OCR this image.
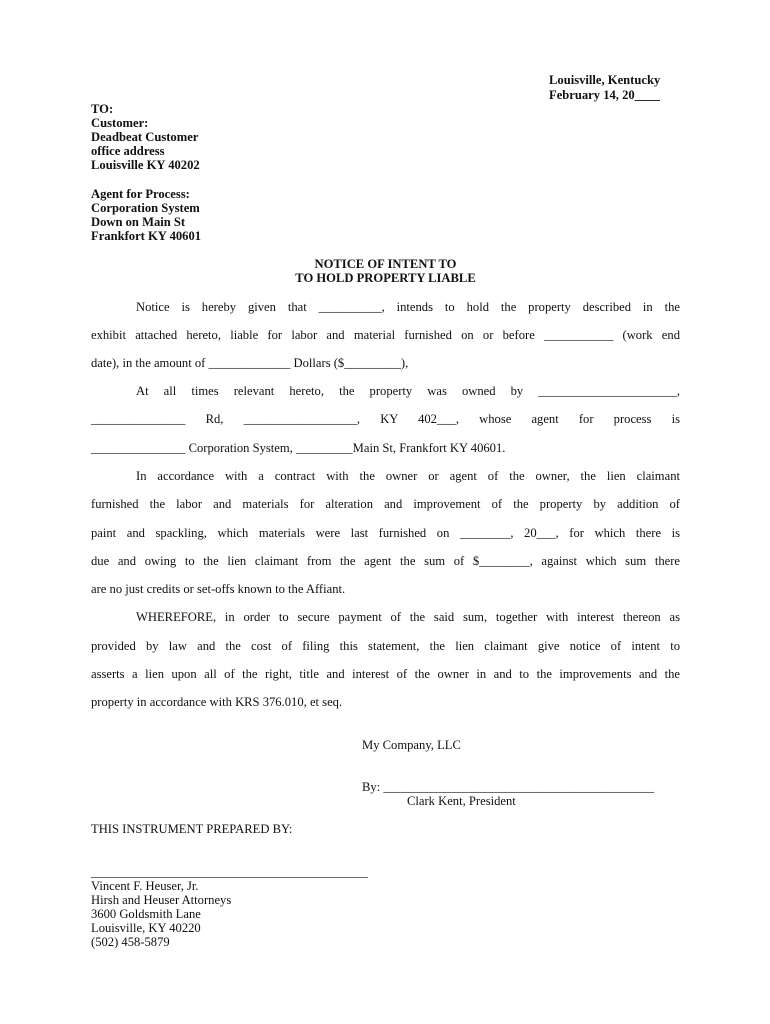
Louisville, Kentucky
February 14, 20____
TO:
Customer:
Deadbeat Customer
office address
Louisville KY 40202
Agent for Process:
Corporation System
Down on Main St
Frankfort KY 40601
NOTICE OF INTENT TO
TO HOLD PROPERTY LIABLE
Notice is hereby given that __________, intends to hold the property described in the
exhibit attached hereto, liable for labor and material furnished on or before ___________ (work end
date), in the amount of _____________ Dollars ($_________),
At all times relevant hereto, the property was owned by ______________________,
_______________ Rd, __________________, KY 402___, whose agent for process is
_______________ Corporation System, _________Main St, Frankfort KY 40601.
In accordance with a contract with the owner or agent of the owner, the lien claimant
furnished the labor and materials for alteration and improvement of the property by addition of
paint and spackling, which materials were last furnished on ________, 20___, for which there is
due and owing to the lien claimant from the agent the sum of $________, against which sum there
are no just credits or set-offs known to the Affiant.
WHEREFORE, in order to secure payment of the said sum, together with interest thereon as
provided by law and the cost of filing this statement, the lien claimant give notice of intent to
asserts a lien upon all of the right, title and interest of the owner in and to the improvements and the
property in accordance with KRS 376.010, et seq.
My Company, LLC
By: ___________________________________________
Clark Kent, President
THIS INSTRUMENT PREPARED BY:
____________________________________________
Vincent F. Heuser, Jr.
Hirsh and Heuser Attorneys
3600 Goldsmith Lane
Louisville, KY 40220
(502) 458-5879
